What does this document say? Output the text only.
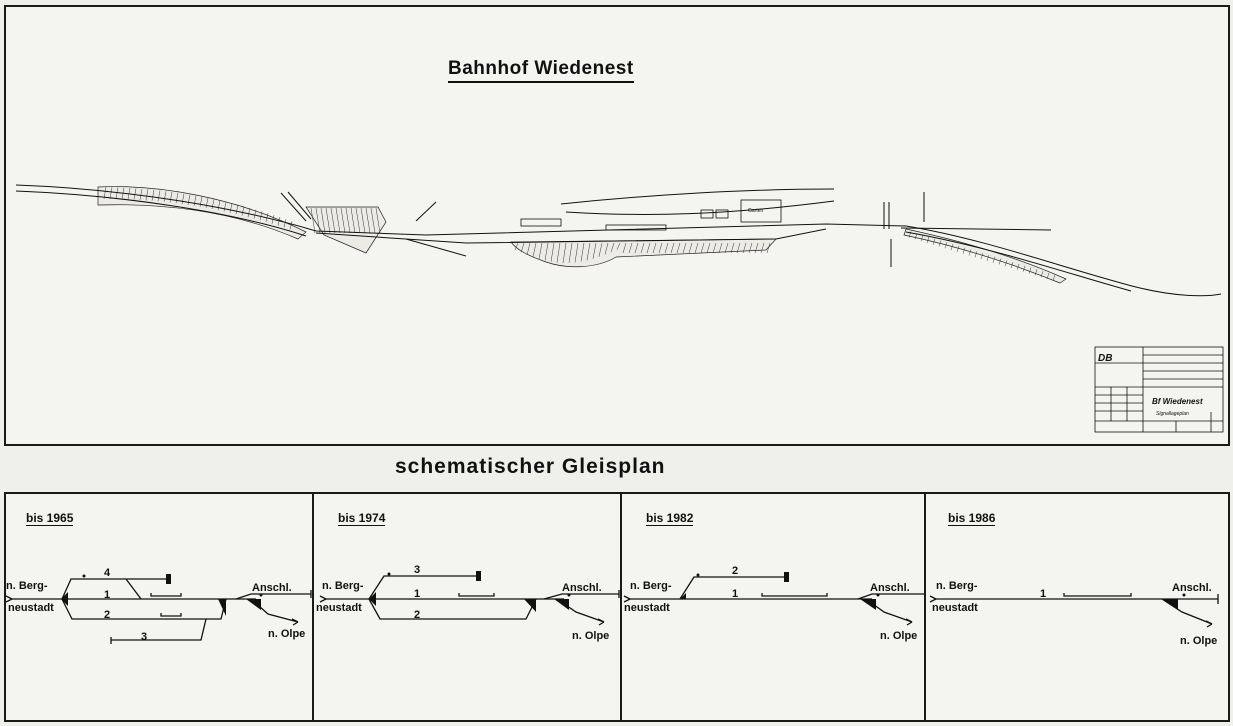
Garten
DB
Bf Wiedenest
Signallageplan
Bahnhof Wiedenest
schematischer Gleisplan
bis 1965
n. Berg-
neustadt
Anschl.
n. Olpe
4
1
2
3
bis 1974
n. Berg-
neustadt
Anschl.
n. Olpe
3
1
2
bis 1982
n. Berg-
neustadt
Anschl.
n. Olpe
2
1
bis 1986
n. Berg-
neustadt
Anschl.
n. Olpe
1
